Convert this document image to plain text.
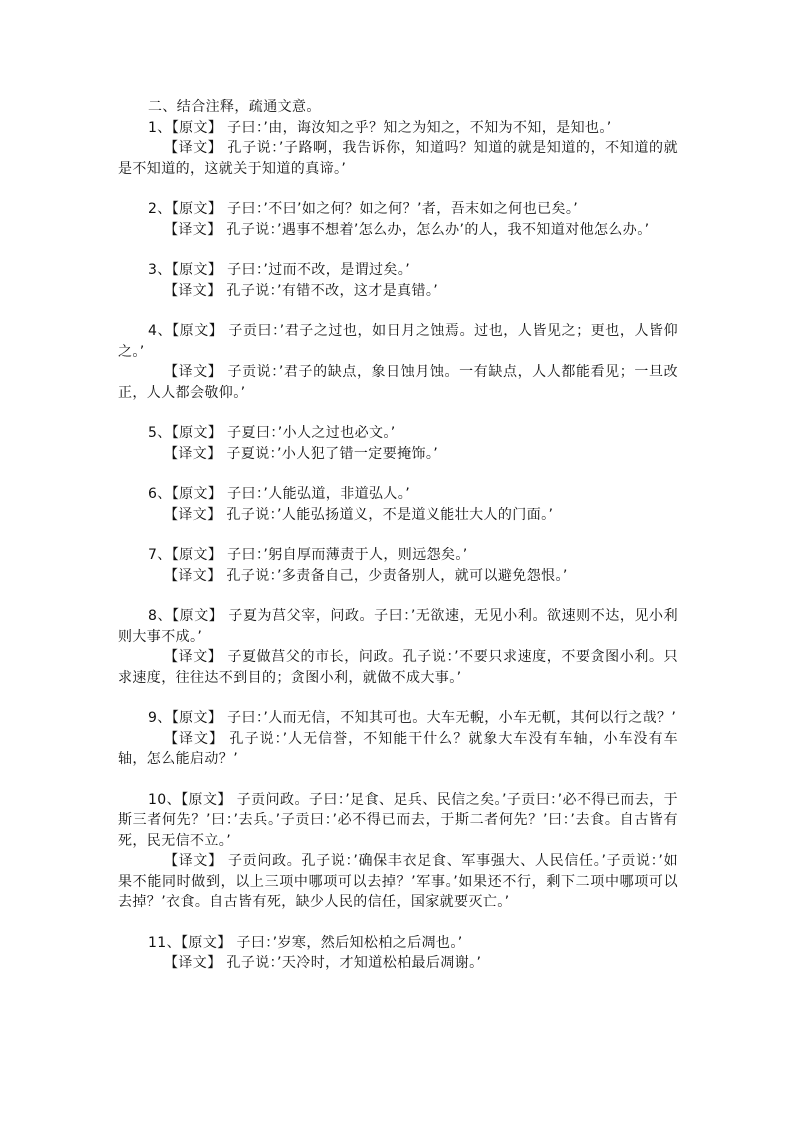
二、结合注释，疏通文意。

1、【原文】 子曰：’由，诲汝知之乎？知之为知之，不知为不知，是知也。’

【译文】 孔子说：’子路啊，我告诉你，知道吗？知道的就是知道的，不知道的就是不知道的，这就关于知道的真谛。’

2、【原文】 子曰：’不曰’如之何？如之何？’者，吾末如之何也已矣。’

【译文】 孔子说：’遇事不想着’怎么办，怎么办’的人，我不知道对他怎么办。’

3、【原文】 子曰：’过而不改，是谓过矣。’

【译文】 孔子说：’有错不改，这才是真错。’

4、【原文】 子贡曰：’君子之过也，如日月之蚀焉。过也，人皆见之；更也，人皆仰之。’

【译文】 子贡说：’君子的缺点，象日蚀月蚀。一有缺点，人人都能看见；一旦改正，人人都会敬仰。’

5、【原文】 子夏曰：’小人之过也必文。’

【译文】 子夏说：’小人犯了错一定要掩饰。’

6、【原文】 子曰：’人能弘道，非道弘人。’

【译文】 孔子说：’人能弘扬道义，不是道义能壮大人的门面。’

7、【原文】 子曰：’躬自厚而薄责于人，则远怨矣。’

【译文】 孔子说：’多责备自己，少责备别人，就可以避免怨恨。’

8、【原文】 子夏为莒父宰，问政。子曰：’无欲速，无见小利。欲速则不达，见小利则大事不成。’

【译文】 子夏做莒父的市长，问政。孔子说：’不要只求速度，不要贪图小利。只求速度，往往达不到目的；贪图小利，就做不成大事。’

9、【原文】 子曰：’人而无信，不知其可也。大车无輗，小车无軏，其何以行之哉？’

【译文】 孔子说：’人无信誉，不知能干什么？就象大车没有车轴，小车没有车轴，怎么能启动？’

10、【原文】 子贡问政。子曰：’足食、足兵、民信之矣。’子贡曰：’必不得已而去，于斯三者何先？’曰：’去兵。’子贡曰：’必不得已而去，于斯二者何先？’曰：’去食。自古皆有死，民无信不立。’

【译文】 子贡问政。孔子说：’确保丰衣足食、军事强大、人民信任。’子贡说：’如果不能同时做到，以上三项中哪项可以去掉？’军事。’如果还不行，剩下二项中哪项可以去掉？’衣食。自古皆有死，缺少人民的信任，国家就要灭亡。’

11、【原文】 子曰：’岁寒，然后知松柏之后凋也。’

【译文】 孔子说：’天冷时，才知道松柏最后凋谢。’
